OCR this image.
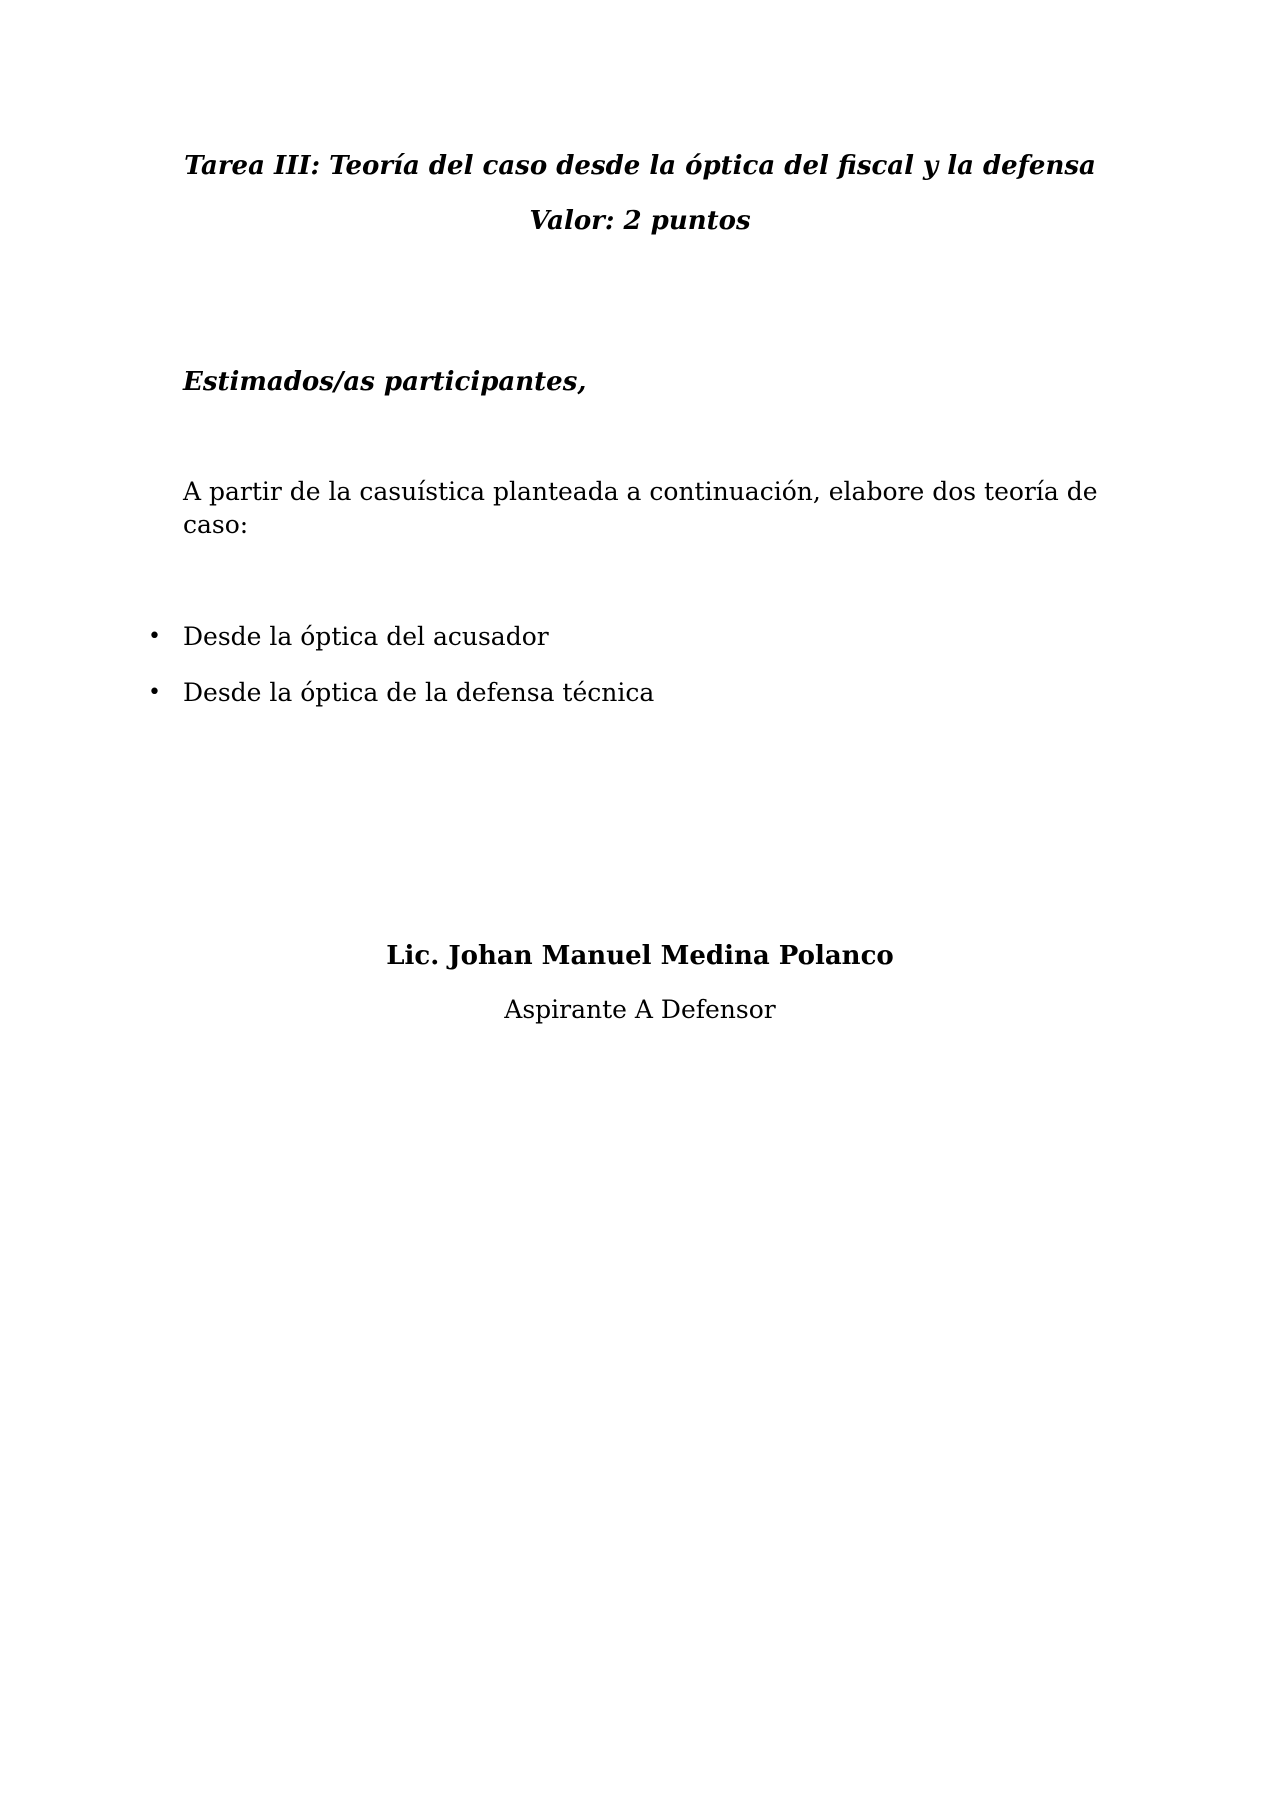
Tarea III: Teoría del caso desde la óptica del fiscal y la defensa
Valor: 2 puntos

Estimados/as participantes,

A partir de la casuística planteada a continuación, elabore dos teoría de caso:

• Desde la óptica del acusador
• Desde la óptica de la defensa técnica

Lic. Johan Manuel Medina Polanco

Aspirante A Defensor
